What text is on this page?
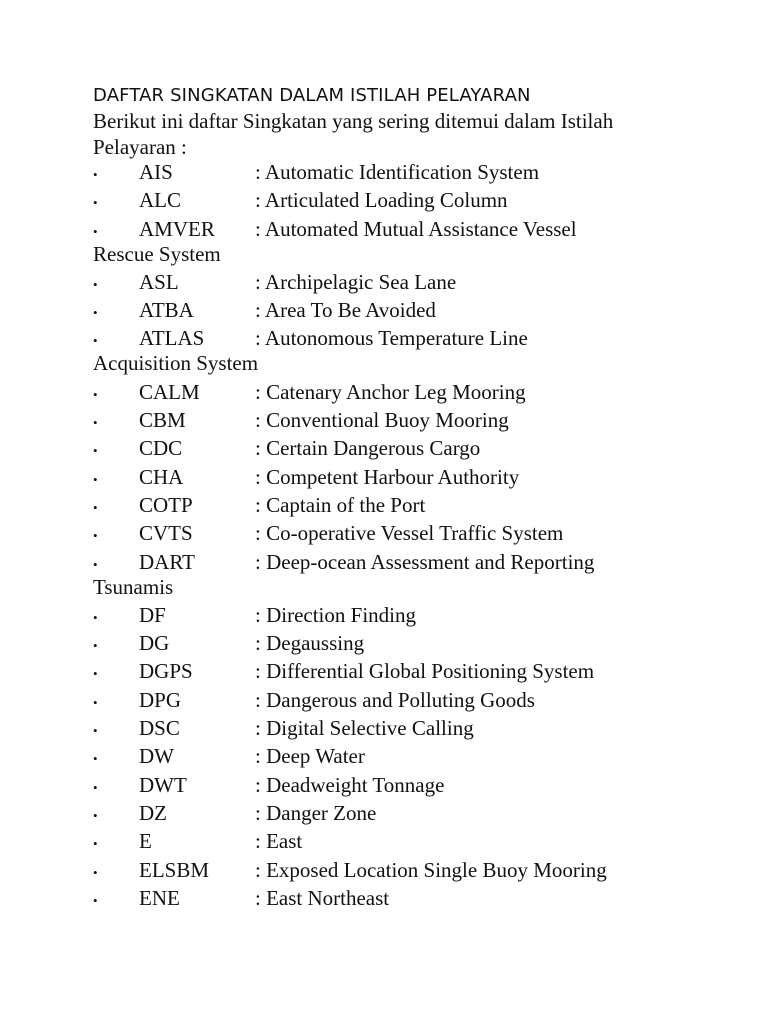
DAFTAR SINGKATAN DALAM ISTILAH PELAYARAN

Berikut ini daftar Singkatan yang sering ditemui dalam Istilah Pelayaran :

• AIS	: Automatic Identification System
• ALC	: Articulated Loading Column
• AMVER : Automated Mutual Assistance Vessel
Rescue System
• ASL	: Archipelagic Sea Lane
• ATBA	: Area To Be Avoided
• ATLAS : Autonomous Temperature Line
Acquisition System
• CALM	: Catenary Anchor Leg Mooring
• CBM	: Conventional Buoy Mooring
• CDC	: Certain Dangerous Cargo
• CHA	: Competent Harbour Authority
• COTP	: Captain of the Port
• CVTS	: Co-operative Vessel Traffic System
• DART	: Deep-ocean Assessment and Reporting
Tsunamis
• DF	: Direction Finding
• DG	: Degaussing
• DGPS	: Differential Global Positioning System
• DPG	: Dangerous and Polluting Goods
• DSC	: Digital Selective Calling
• DW	: Deep Water
• DWT	: Deadweight Tonnage
• DZ	: Danger Zone
• E	: East
• ELSBM : Exposed Location Single Buoy Mooring
• ENE	: East Northeast
